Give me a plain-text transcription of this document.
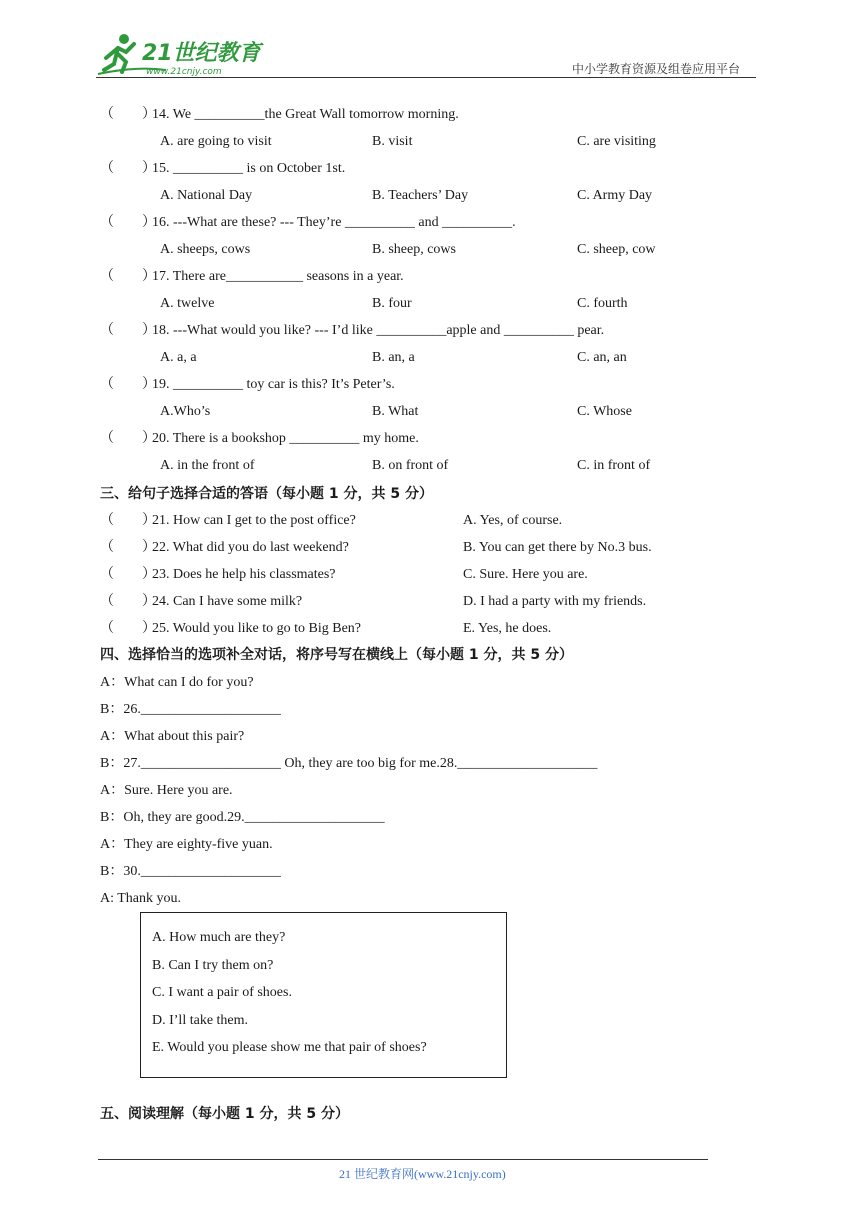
21世纪教育
www.21cnjy.com	中小学教育资源及组卷应用平台
（　　）
14. We __________the Great Wall tomorrow morning.
A. are going to visit	B. visit	C. are visiting
（　　）
15. __________ is on October 1st.
A. National Day	B. Teachers’ Day	C. Army Day
（　　）
16. ---What are these? --- They’re __________ and __________.
A. sheeps, cows	B. sheep, cows	C. sheep, cow
（　　）
17. There are___________ seasons in a year.
A. twelve	B. four	C. fourth
（　　）
18. ---What would you like? --- I’d like __________apple and __________ pear.
A. a, a	B. an, a	C. an, an
（　　）
19. __________ toy car is this? It’s Peter’s.
A.Who’s	B. What	C. Whose
（　　）
20. There is a bookshop __________ my home.
A. in the front of	B. on front of	C. in front of
三、给句子选择合适的答语（每小题 1 分，共 5 分）
（　　）
21. How can I get to the post office?	A. Yes, of course.
（　　）
22. What did you do last weekend?	B. You can get there by No.3 bus.
（　　）
23. Does he help his classmates?	C. Sure. Here you are.
（　　）
24. Can I have some milk?	D. I had a party with my friends.
（　　）
25. Would you like to go to Big Ben?	E. Yes, he does.
四、选择恰当的选项补全对话，将序号写在横线上（每小题 1 分，共 5 分）
A：What can I do for you?
B：26.____________________
A：What about this pair?
B：27.____________________ Oh, they are too big for me.28.____________________
A：Sure. Here you are.
B：Oh, they are good.29.____________________
A：They are eighty-five yuan.
B：30.____________________
A: Thank you.
A. How much are they?
B. Can I try them on?
C. I want a pair of shoes.
D. I’ll take them.
E. Would you please show me that pair of shoes?
五、阅读理解（每小题 1 分，共 5 分）
21 世纪教育网(www.21cnjy.com)
